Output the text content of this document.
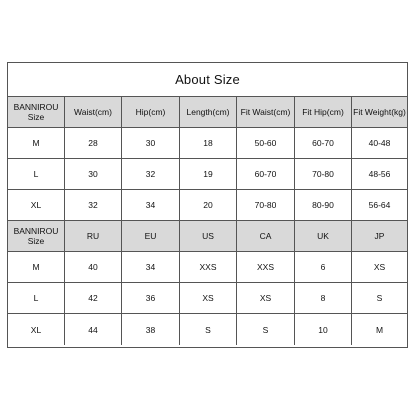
About Size
BANNIROU
Size	Waist(cm)	Hip(cm)	Length(cm)	Fit Waist(cm)	Fit Hip(cm)	Fit Weight(kg)
M	28	30	18	50-60	60-70	40-48
L	30	32	19	60-70	70-80	48-56
XL	32	34	20	70-80	80-90	56-64
BANNIROU
Size	RU	EU	US	CA	UK	JP
M	40	34	XXS	XXS	6	XS
L	42	36	XS	XS	8	S
XL	44	38	S	S	10	M
